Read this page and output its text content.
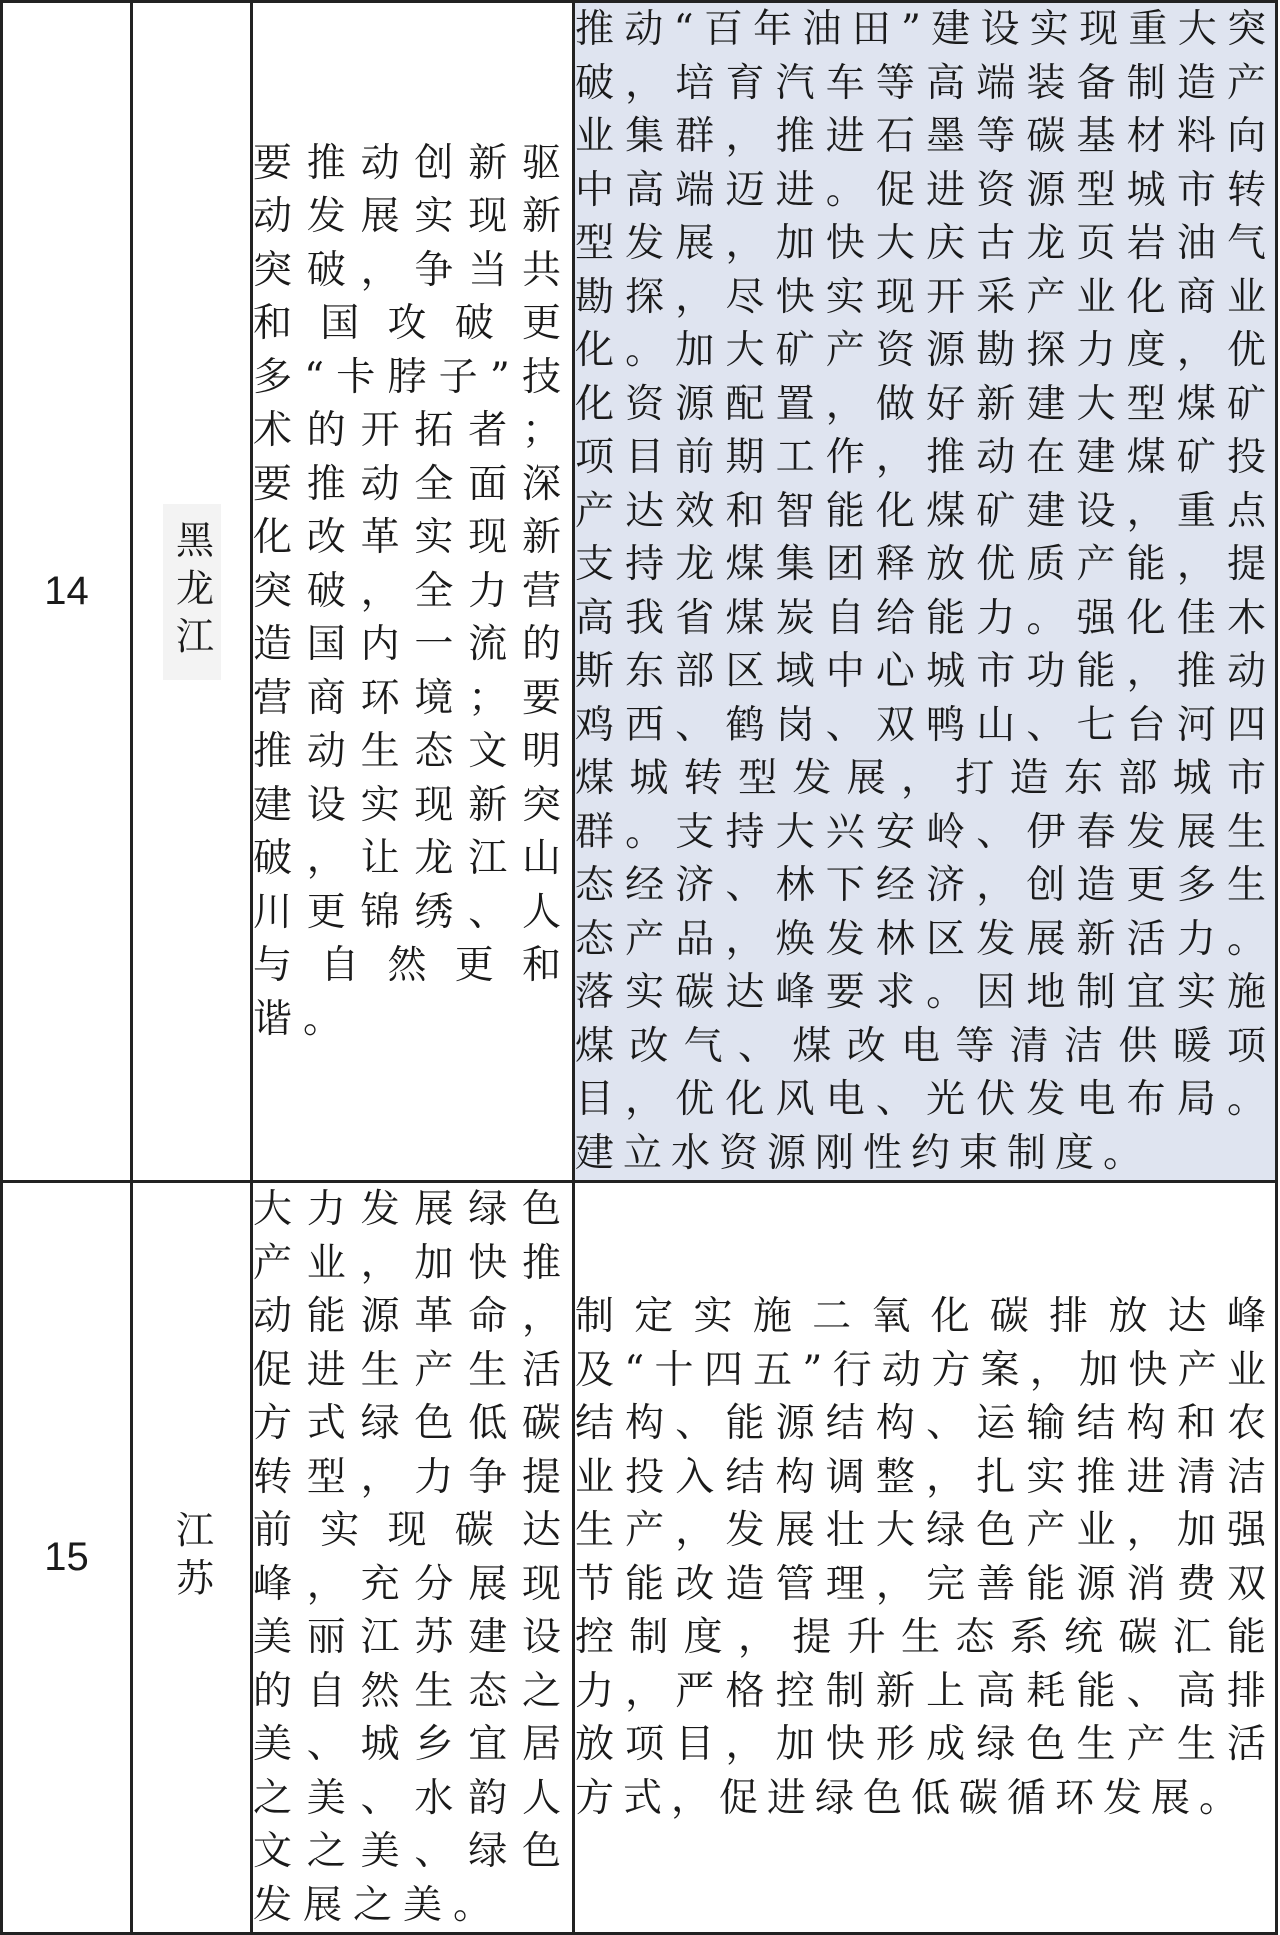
14	黑龙江	要推动创新驱动发展实现新突破，争当共和国攻破更多“卡脖子”技术的开拓者；要推动全面深化改革实现新突破，全力营造国内一流的营商环境；要推动生态文明建设实现新突破，让龙江山川更锦绣、人与自然更和谐。	推动“百年油田”建设实现重大突破，培育汽车等高端装备制造产业集群，推进石墨等碳基材料向中高端迈进。促进资源型城市转型发展，加快大庆古龙页岩油气勘探，尽快实现开采产业化商业化。加大矿产资源勘探力度，优化资源配置，做好新建大型煤矿项目前期工作，推动在建煤矿投产达效和智能化煤矿建设，重点支持龙煤集团释放优质产能，提高我省煤炭自给能力。强化佳木斯东部区域中心城市功能，推动鸡西、鹤岗、双鸭山、七台河四煤城转型发展，打造东部城市群。支持大兴安岭、伊春发展生态经济、林下经济，创造更多生态产品，焕发林区发展新活力。落实碳达峰要求。因地制宜实施煤改气、煤改电等清洁供暖项目，优化风电、光伏发电布局。建立水资源刚性约束制度。
15	江苏	大力发展绿色产业，加快推动能源革命，促进生产生活方式绿色低碳转型，力争提前实现碳达峰，充分展现美丽江苏建设的自然生态之美、城乡宜居之美、水韵人文之美、绿色发展之美。	制定实施二氧化碳排放达峰及“十四五”行动方案，加快产业结构、能源结构、运输结构和农业投入结构调整，扎实推进清洁生产，发展壮大绿色产业，加强节能改造管理，完善能源消费双控制度，提升生态系统碳汇能力，严格控制新上高耗能、高排放项目，加快形成绿色生产生活方式，促进绿色低碳循环发展。
